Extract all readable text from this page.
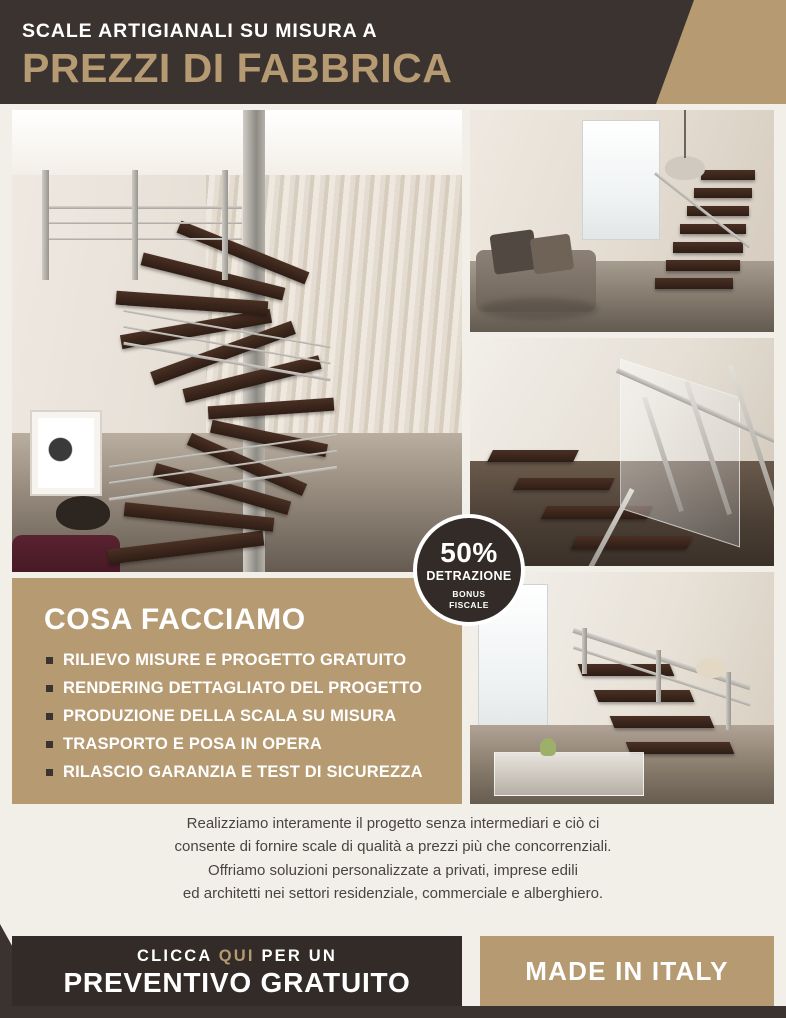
SCALE ARTIGIANALI SU MISURA A
PREZZI DI FABBRICA
50%
DETRAZIONE
BONUS
FISCALE
COSA FACCIAMO
RILIEVO MISURE E PROGETTO GRATUITO
RENDERING DETTAGLIATO DEL PROGETTO
PRODUZIONE DELLA SCALA SU MISURA
TRASPORTO E POSA IN OPERA
RILASCIO GARANZIA E TEST DI SICUREZZA
Realizziamo interamente il progetto senza intermediari e ciò ci
consente di fornire scale di qualità a prezzi più che concorrenziali.
Offriamo soluzioni personalizzate a privati, imprese edili
ed architetti nei settori residenziale, commerciale e alberghiero.
CLICCA QUI PER UN
PREVENTIVO GRATUITO	MADE IN ITALY
